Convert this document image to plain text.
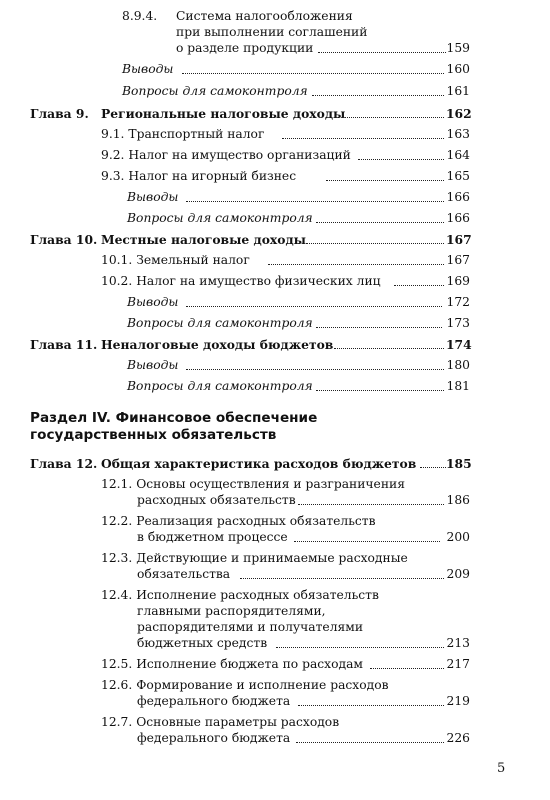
8.9.4. Система налогообложения
при выполнении соглашений
о разделе продукции	159
Выводы	160
Вопросы для самоконтроля	161
Глава 9. Региональные налоговые доходы	162
9.1. Транспортный налог	163
9.2. Налог на имущество организаций	164
9.3. Налог на игорный бизнес	165
Выводы	166
Вопросы для самоконтроля	166
Глава 10. Местные налоговые доходы	167
10.1. Земельный налог	167
10.2. Налог на имущество физических лиц	169
Выводы	172
Вопросы для самоконтроля	173
Глава 11. Неналоговые доходы бюджетов	174
Выводы	180
Вопросы для самоконтроля	181
Раздел IV. Финансовое обеспечение
государственных обязательств
Глава 12. Общая характеристика расходов бюджетов 185
12.1. Основы осуществления и разграничения
расходных обязательств	186
12.2. Реализация расходных обязательств
в бюджетном процессе	200
12.3. Действующие и принимаемые расходные
обязательства	209
12.4. Исполнение расходных обязательств
главными распорядителями,
распорядителями и получателями
бюджетных средств	213
12.5. Исполнение бюджета по расходам	217
12.6. Формирование и исполнение расходов
федерального бюджета	219
12.7. Основные параметры расходов
федерального бюджета	226
5
